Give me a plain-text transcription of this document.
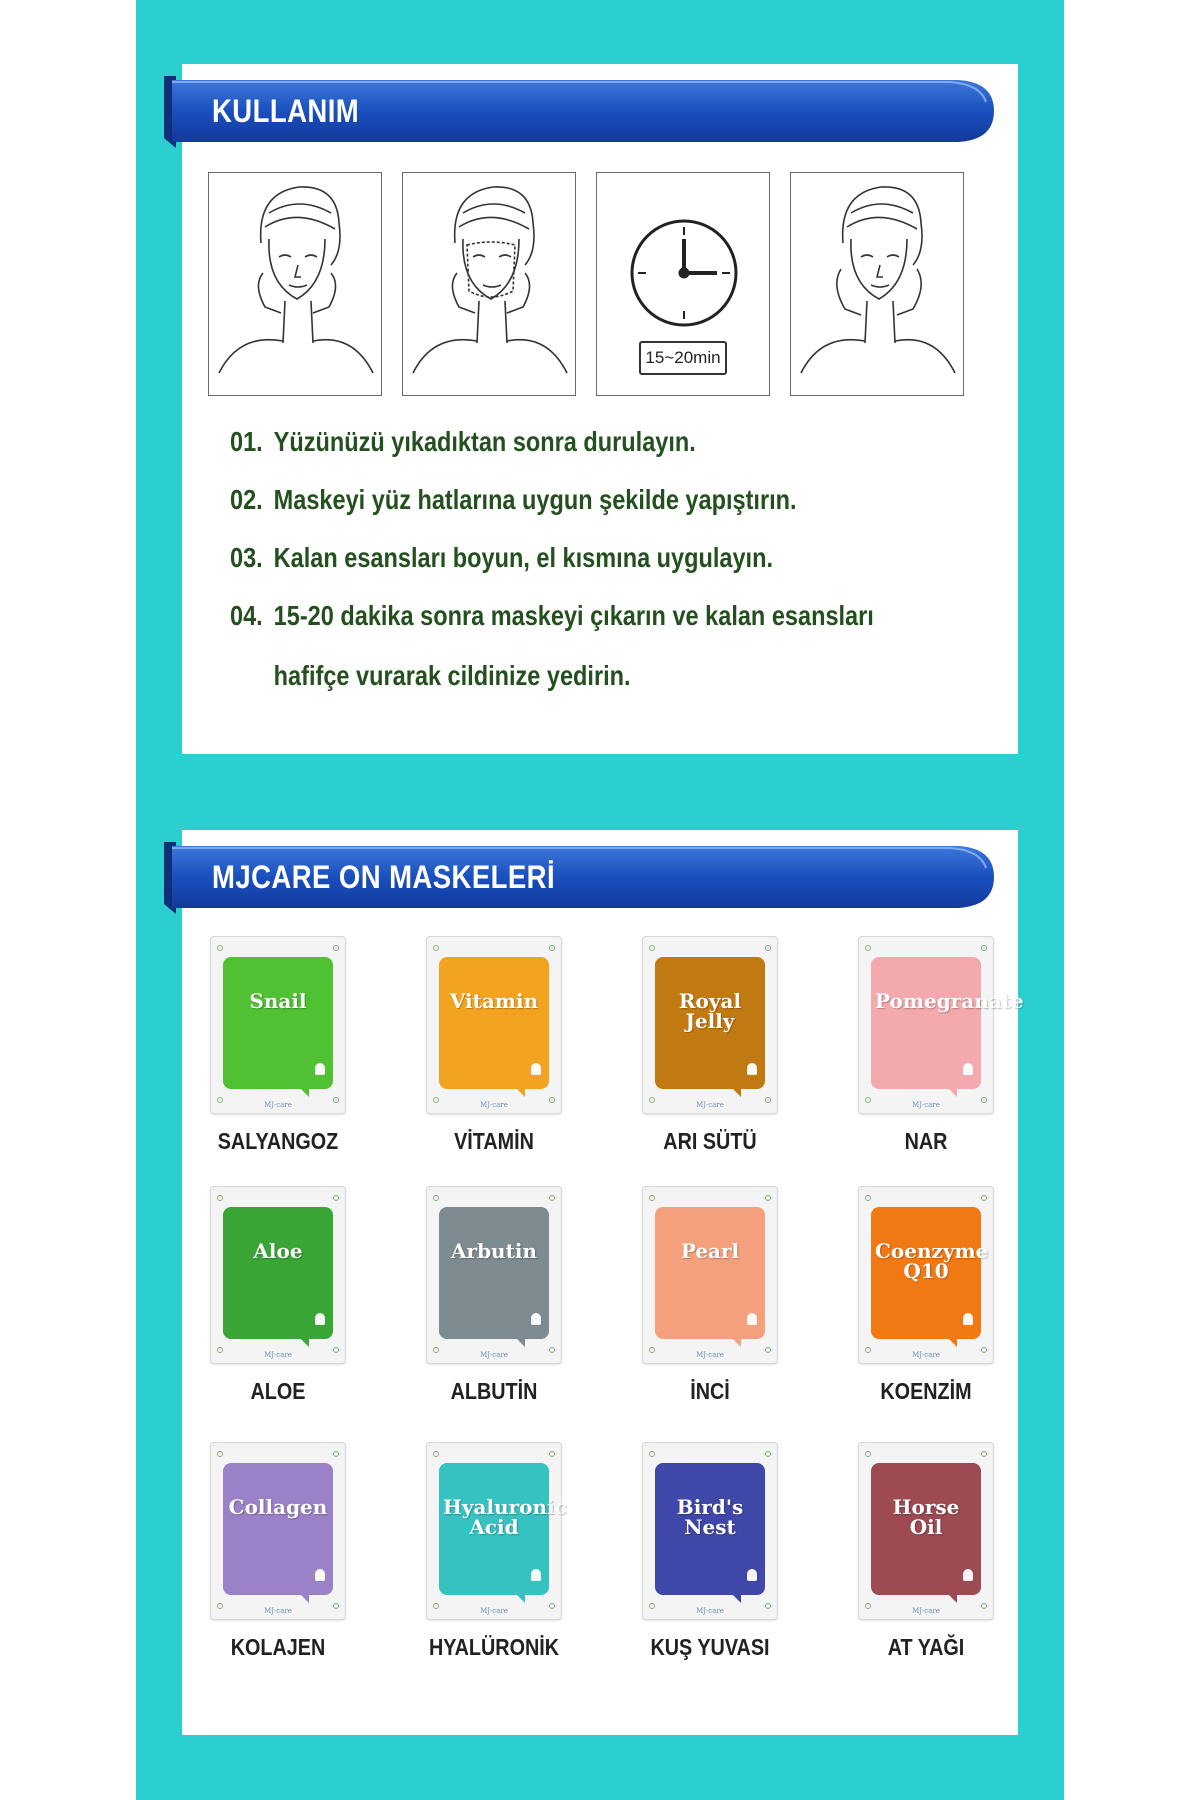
KULLANIM
15~20min
01. Yüzünüzü yıkadıktan sonra durulayın.
02. Maskeyi yüz hatlarına uygun şekilde yapıştırın.
03. Kalan esansları boyun, el kısmına uygulayın.
04. 15-20 dakika sonra maskeyi çıkarın ve kalan esansları
hafifçe vurarak cildinize yedirin.
MJCARE ON MASKELERİ
Snail
MJ·care
SALYANGOZ
Vitamin
MJ·care
VİTAMİN
Royal Jelly
MJ·care
ARI SÜTÜ
Pomegranate
MJ·care
NAR
Aloe
MJ·care
ALOE
Arbutin
MJ·care
ALBUTİN
Pearl
MJ·care
İNCİ
Coenzyme Q10
MJ·care
KOENZİM
Collagen
MJ·care
KOLAJEN
Hyaluronic Acid
MJ·care
HYALÜRONİK
Bird's Nest
MJ·care
KUŞ YUVASI
Horse Oil
MJ·care
AT YAĞI
